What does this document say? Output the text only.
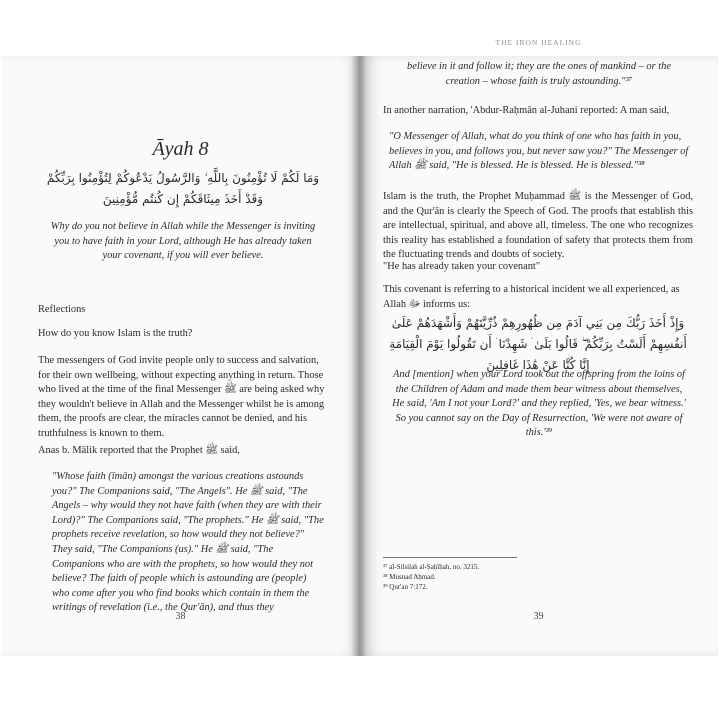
Āyah 8
وَمَا لَكُمْ لَا تُؤْمِنُونَ بِاللَّهِ ۙ وَالرَّسُولُ يَدْعُوكُمْ لِتُؤْمِنُوا بِرَبِّكُمْ وَقَدْ أَخَذَ مِيثَاقَكُمْ إِن كُنتُم مُّؤْمِنِينَ
Why do you not believe in Allah while the Messenger is inviting you to have faith in your Lord, although He has already taken your covenant, if you will ever believe.
Reflections
How do you know Islam is the truth?
The messengers of God invite people only to success and salvation, for their own wellbeing, without expecting anything in return. Those who lived at the time of the final Messenger ﷺ are being asked why they wouldn't believe in Allah and the Messenger whilst he is among them, the proofs are clear, the miracles cannot be denied, and his truthfulness is known to them.
Anas b. Mālik reported that the Prophet ﷺ said,
"Whose faith (īmān) amongst the various creations astounds you?" The Companions said, "The Angels". He ﷺ said, "The Angels – why would they not have faith (when they are with their Lord)?" The Companions said, "The prophets." He ﷺ said, "The prophets receive revelation, so how would they not believe?" They said, "The Companions (us)." He ﷺ said, "The Companions who are with the prophets, so how would they not believe? The faith of people which is astounding are (people) who come after you who find books which contain in them the writings of revelation (i.e., the Qur'ān), and thus they
38
THE IRON HEALING
believe in it and follow it; they are the ones of mankind – or the creation – whose faith is truly astounding."³⁷
In another narration, 'Abdur-Raḥmān al-Juhani reported: A man said,
"O Messenger of Allah, what do you think of one who has faith in you, believes in you, and follows you, but never saw you?" The Messenger of Allah ﷺ said, "He is blessed. He is blessed. He is blessed."³⁸
Islam is the truth, the Prophet Muḥammad ﷺ is the Messenger of God, and the Qur'ān is clearly the Speech of God. The proofs that establish this are intellectual, spiritual, and above all, timeless. The one who recognizes this reality has established a foundation of safety that protects them from the fluctuating trends and doubts of society.
"He has already taken your covenant"
This covenant is referring to a historical incident we all experienced, as Allah ﷻ informs us:
وَإِذْ أَخَذَ رَبُّكَ مِن بَنِي آدَمَ مِن ظُهُورِهِمْ ذُرِّيَّتَهُمْ وَأَشْهَدَهُمْ عَلَىٰ أَنفُسِهِمْ أَلَسْتُ بِرَبِّكُمْ ۖ قَالُوا بَلَىٰ ۛ شَهِدْنَا ۛ أَن تَقُولُوا يَوْمَ الْقِيَامَةِ إِنَّا كُنَّا عَنْ هَٰذَا غَافِلِينَ
And [mention] when your Lord took out the offspring from the loins of the Children of Adam and made them bear witness about themselves, He said, 'Am I not your Lord?' and they replied, 'Yes, we bear witness.' So you cannot say on the Day of Resurrection, 'We were not aware of this.'³⁹
³⁷ al-Silsilah al-Ṣaḥīḥah, no. 3215.
³⁸ Musnad Aḥmad.
³⁹ Qur'an 7:172.
39
